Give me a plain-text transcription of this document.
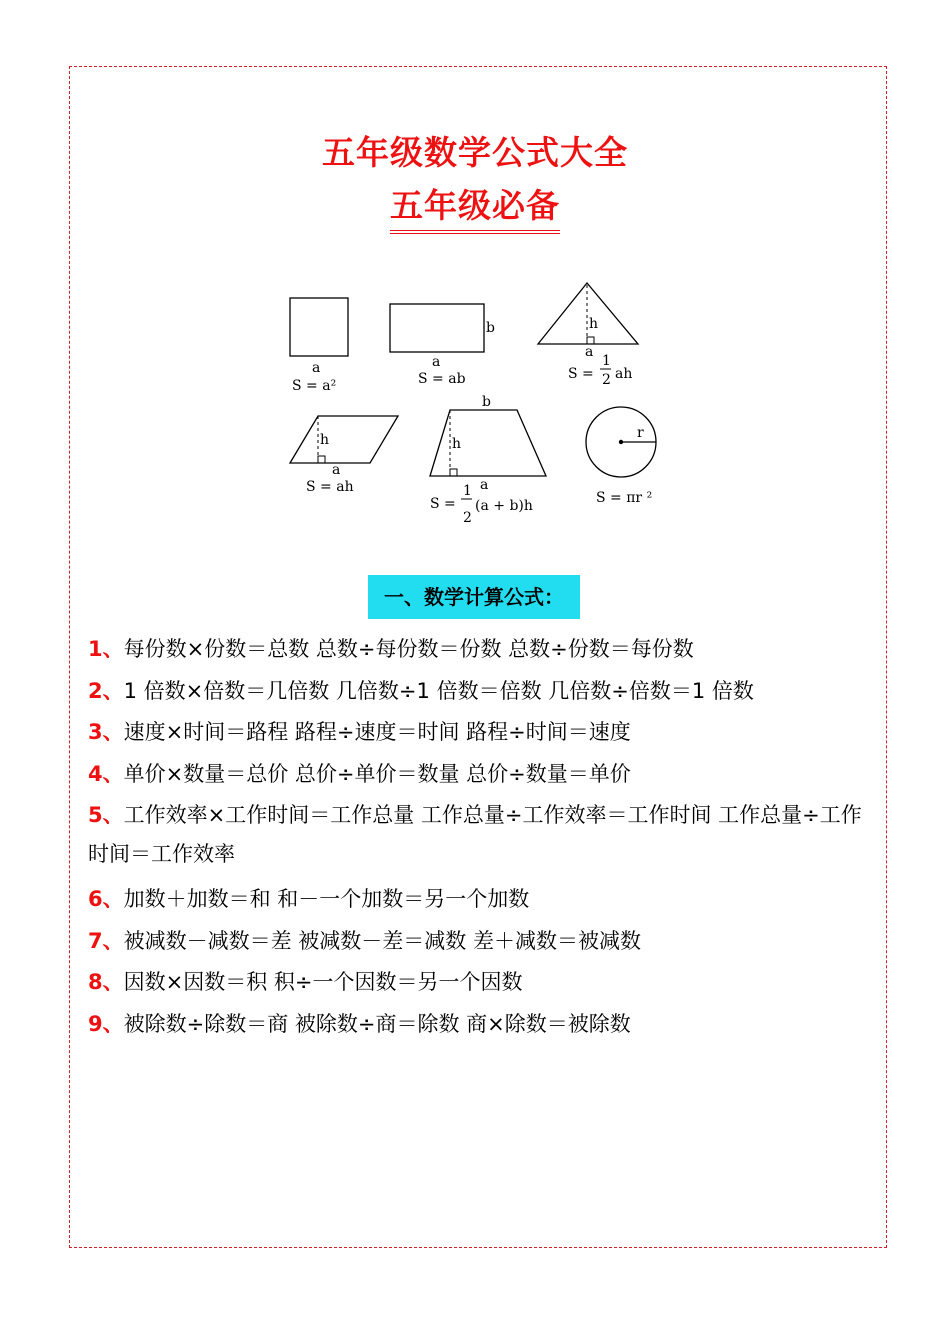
五年级数学公式大全
五年级必备
a
S = a²
b
a
S = ab
h
a
S =
1
2 ah
h
a
S = ah
b
h
a
S =
1
2
(a + b)h
r
S = πr ²
一、数学计算公式：
1、每份数×份数＝总数 总数÷每份数＝份数 总数÷份数＝每份数
2、1 倍数×倍数＝几倍数 几倍数÷1 倍数＝倍数 几倍数÷倍数＝1 倍数
3、速度×时间＝路程 路程÷速度＝时间 路程÷时间＝速度
4、单价×数量＝总价 总价÷单价＝数量 总价÷数量＝单价
5、工作效率×工作时间＝工作总量 工作总量÷工作效率＝工作时间 工作总量÷工作时间＝工作效率
6、加数＋加数＝和 和－一个加数＝另一个加数
7、被减数－减数＝差 被减数－差＝减数 差＋减数＝被减数
8、因数×因数＝积 积÷一个因数＝另一个因数
9、被除数÷除数＝商 被除数÷商＝除数 商×除数＝被除数
